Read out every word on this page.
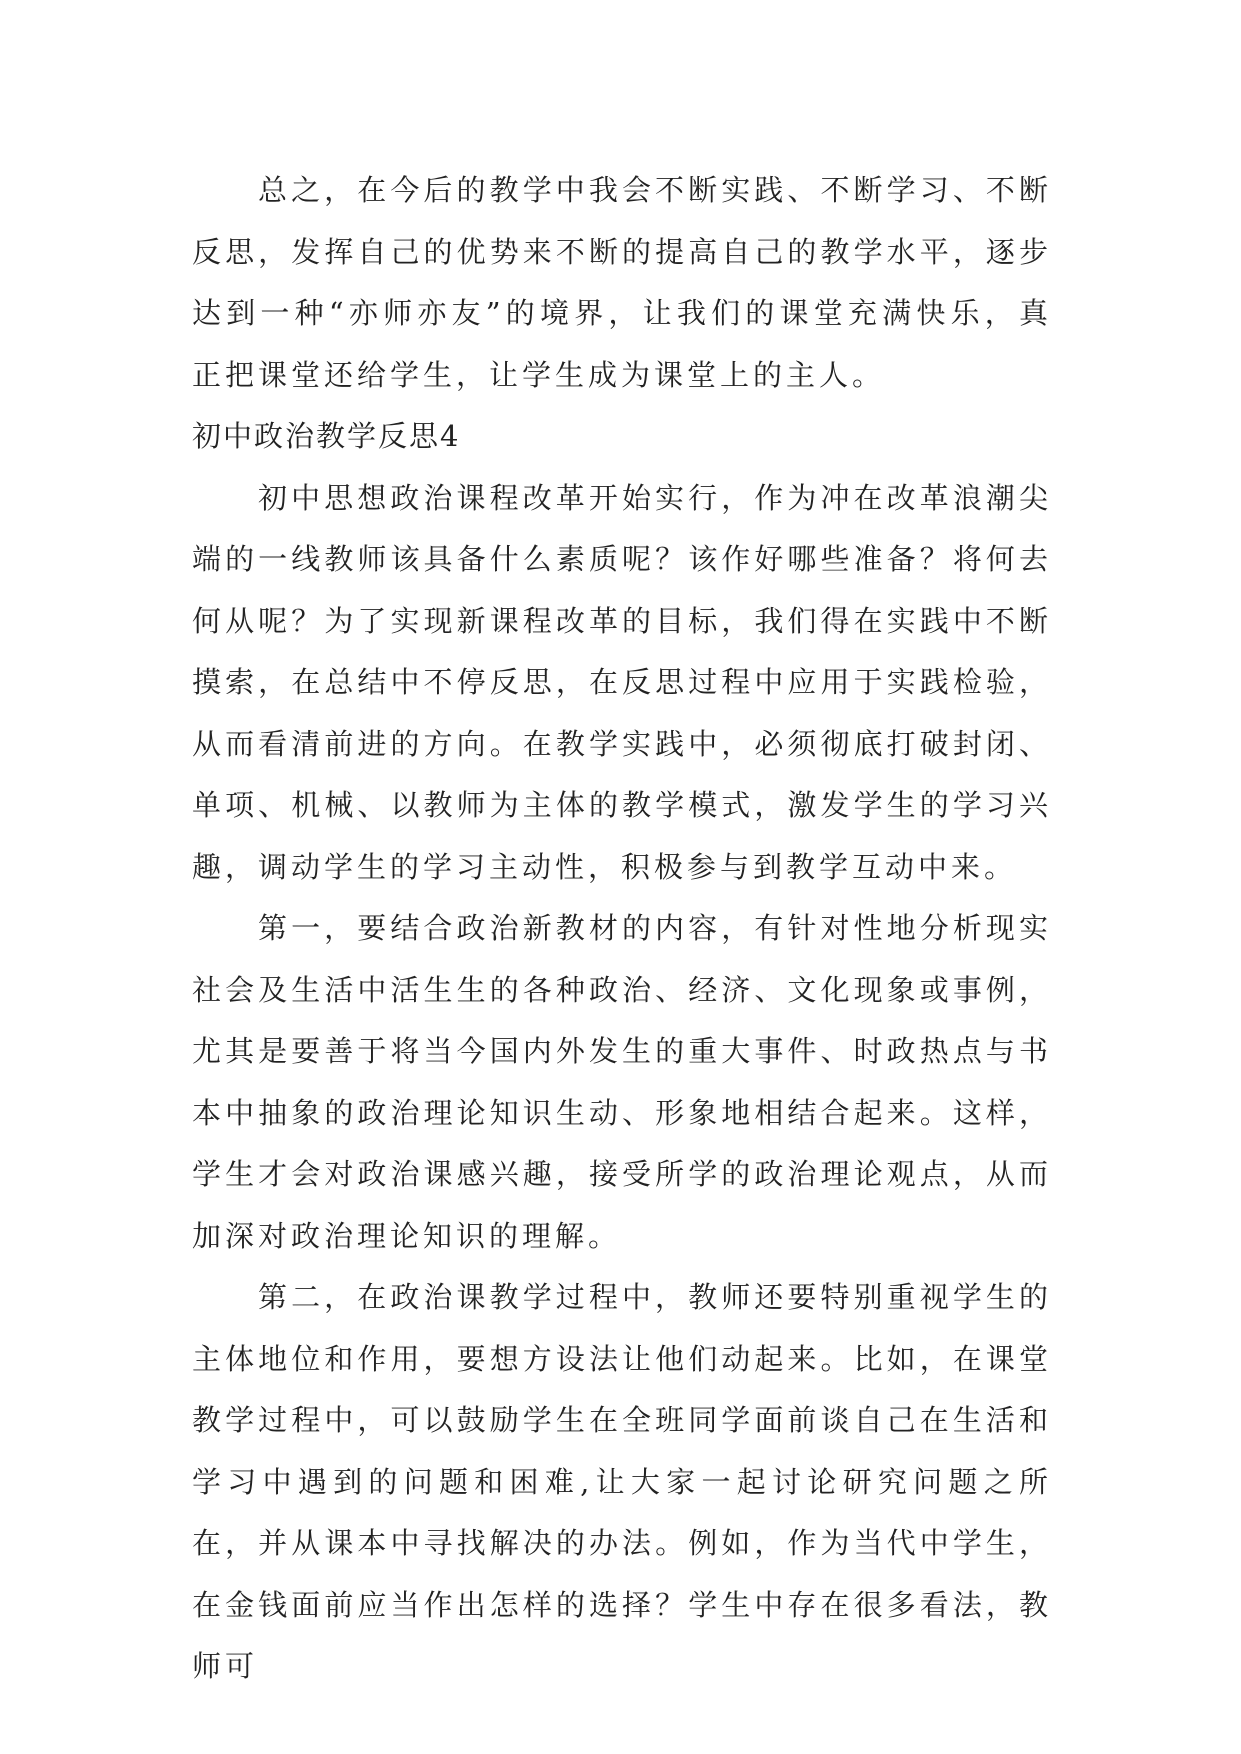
总之，在今后的教学中我会不断实践、不断学习、不断反思，发挥自己的优势来不断的提高自己的教学水平，逐步达到一种“亦师亦友”的境界，让我们的课堂充满快乐，真正把课堂还给学生，让学生成为课堂上的主人。

初中政治教学反思4

初中思想政治课程改革开始实行，作为冲在改革浪潮尖端的一线教师该具备什么素质呢？该作好哪些准备？将何去何从呢？为了实现新课程改革的目标，我们得在实践中不断摸索，在总结中不停反思，在反思过程中应用于实践检验，从而看清前进的方向。在教学实践中，必须彻底打破封闭、单项、机械、以教师为主体的教学模式，激发学生的学习兴趣，调动学生的学习主动性，积极参与到教学互动中来。

第一，要结合政治新教材的内容，有针对性地分析现实社会及生活中活生生的各种政治、经济、文化现象或事例，尤其是要善于将当今国内外发生的重大事件、时政热点与书本中抽象的政治理论知识生动、形象地相结合起来。这样，学生才会对政治课感兴趣，接受所学的政治理论观点，从而加深对政治理论知识的理解。

第二，在政治课教学过程中，教师还要特别重视学生的主体地位和作用，要想方设法让他们动起来。比如，在课堂教学过程中，可以鼓励学生在全班同学面前谈自己在生活和学习中遇到的问题和困难,让大家一起讨论研究问题之所在，并从课本中寻找解决的办法。例如，作为当代中学生，在金钱面前应当作出怎样的选择？学生中存在很多看法，教师可
